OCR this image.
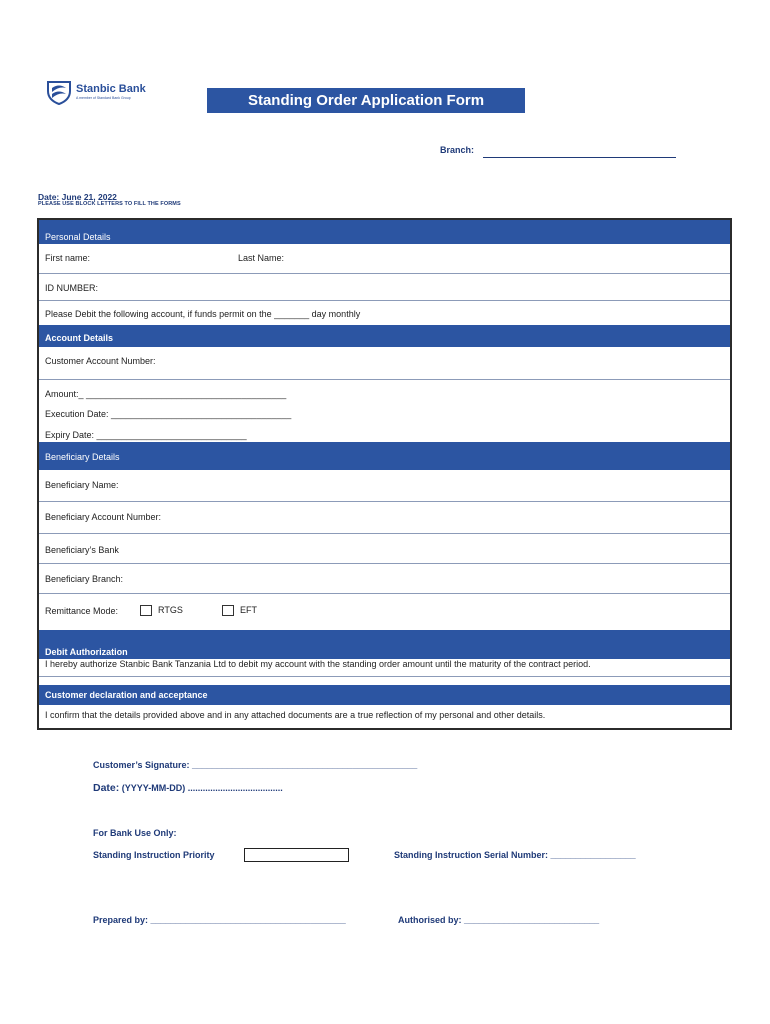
Stanbic Bank
A member of Standard Bank Group	Standing Order Application Form
Branch:
Date: June 21, 2022
PLEASE USE BLOCK LETTERS TO FILL THE FORMS
Personal Details
First name:	Last Name:
ID NUMBER:
Please Debit the following account, if funds permit on the _______ day monthly
Account Details
Customer Account Number:
Amount:_ ________________________________________
Execution Date: ____________________________________
Expiry Date: ______________________________
Beneficiary Details
Beneficiary Name:
Beneficiary Account Number:
Beneficiary’s Bank
Beneficiary Branch:
Remittance Mode:	RTGS	EFT
Debit Authorization
I hereby authorize Stanbic Bank Tanzania Ltd to debit my account with the standing order amount until the maturity of the contract period.
Customer declaration and acceptance
I confirm that the details provided above and in any attached documents are a true reflection of my personal and other details.
Customer’s Signature: _____________________________________________
Date: (YYYY-MM-DD) ......................................
For Bank Use Only:
Standing Instruction Priority	Standing Instruction Serial Number: _________________
Prepared by: _______________________________________	Authorised by: ___________________________
